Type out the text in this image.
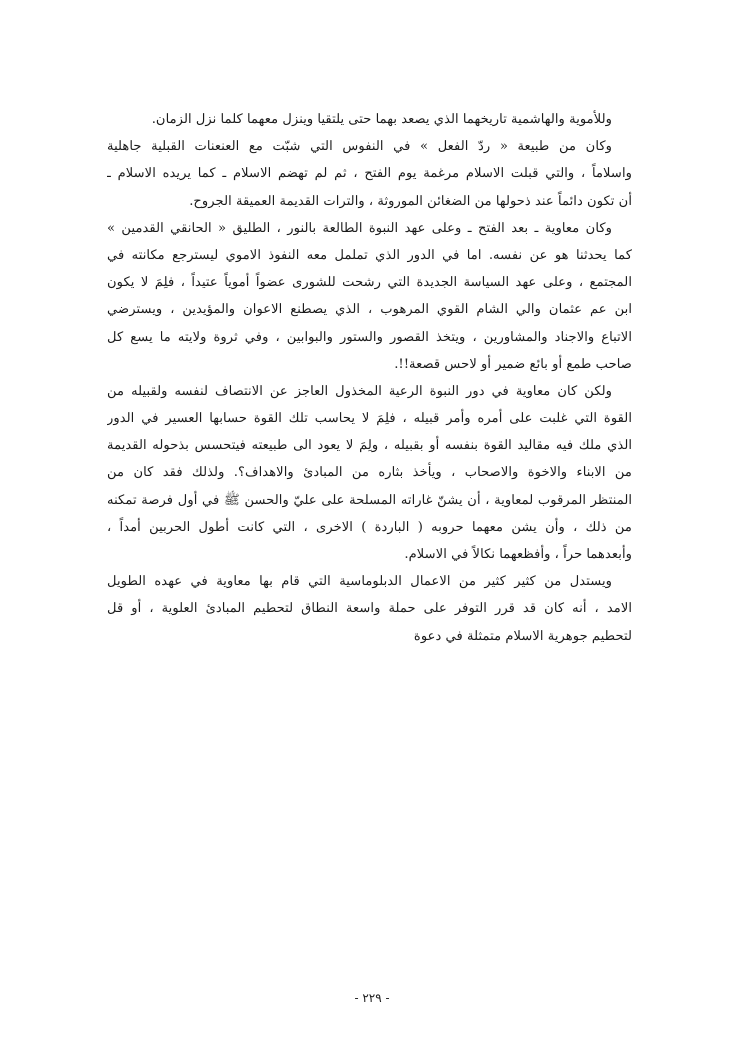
وللأموية والهاشمية تاريخهما الذي يصعد بهما حتى يلتقيا وينزل معهما كلما نزل الزمان.
وكان من طبيعة « ردّ الفعل » في النفوس التي شبّت مع العنعنات القبلية جاهلية
واسلاماً ، والتي قبلت الاسلام مرغمة يوم الفتح ، ثم لم تهضم الاسلام ـ كما يريده الاسلام ـ
أن تكون دائماً عند ذحولها من الضغائن الموروثة ، والترات القديمة العميقة الجروح.
وكان معاوية ـ بعد الفتح ـ وعلى عهد النبوة الطالعة بالنور ، الطليق « الحانقي القدمين »
كما يحدثنا هو عن نفسه. اما في الدور الذي تململ معه النفوذ الاموي ليسترجع مكانته في
المجتمع ، وعلى عهد السياسة الجديدة التي رشحت للشورى عضواً أموياً عتيداً ، فلِمَ لا يكون
ابن عم عثمان والي الشام القوي المرهوب ، الذي يصطنع الاعوان والمؤيدين ، ويسترضي
الاتباع والاجناد والمشاورين ، ويتخذ القصور والستور والبوابين ، وفي ثروة ولايته ما يسع كل
صاحب طمع أو بائع ضمير أو لاحس قصعة!!.
ولكن كان معاوية في دور النبوة الرعية المخذول العاجز عن الانتصاف لنفسه ولقبيله من
القوة التي غلبت على أمره وأمر قبيله ، فلِمَ لا يحاسب تلك القوة حسابها العسير في الدور
الذي ملك فيه مقاليد القوة بنفسه أو بقبيله ، ولِمَ لا يعود الى طبيعته فيتحسس بذحوله القديمة
من الابناء والاخوة والاصحاب ، ويأخذ بثاره من المبادئ والاهداف؟. ولذلك فقد كان من
المنتظر المرقوب لمعاوية ، أن يشنّ غاراته المسلحة على عليّ والحسن ﷺ في أول فرصة تمكنه
من ذلك ، وأن يشن معهما حروبه ( الباردة ) الاخرى ، التي كانت أطول الحربين أمداً ،
وأبعدهما حراً ، وأفظعهما نكالاً في الاسلام.
ويستدل من كثير كثير من الاعمال الدبلوماسية التي قام بها معاوية في عهده الطويل
الامد ، أنه كان قد قرر التوفر على حملة واسعة النطاق لتحطيم المبادئ العلوية ، أو قل
لتحطيم جوهرية الاسلام متمثلة في دعوة
- ٢٢٩ -
